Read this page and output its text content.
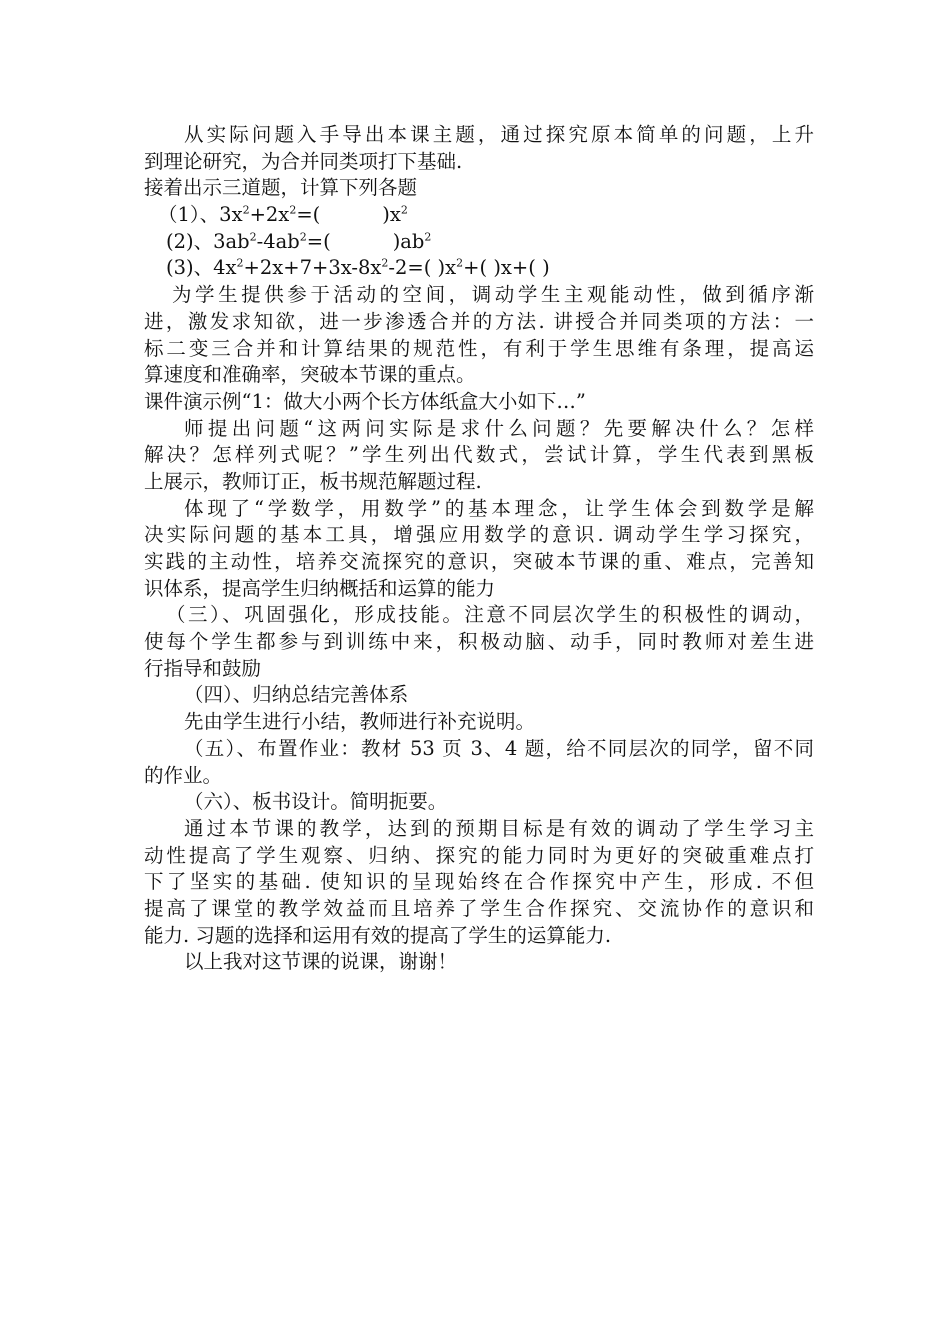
从实际问题入手导出本课主题，通过探究原本简单的问题，上升
到理论研究，为合并同类项打下基础.
接着出示三道题，计算下列各题
（1）、$3x^2+2x^2=$(	)$x^2$
(2)、$3ab^2-4ab^2=$(	)$ab^2$
(3)、$4x^2+2x+7+3x-8x^2-2=$( )$x^2+$( )x+( )
为学生提供参于活动的空间，调动学生主观能动性，做到循序渐
进，激发求知欲，进一步渗透合并的方法. 讲授合并同类项的方法：一
标二变三合并和计算结果的规范性，有利于学生思维有条理，提高运
算速度和准确率，突破本节课的重点。
课件演示例“1：做大小两个长方体纸盒大小如下…”
师提出问题“这两问实际是求什么问题？先要解决什么？怎样
解决？怎样列式呢？”学生列出代数式，尝试计算，学生代表到黑板
上展示，教师订正，板书规范解题过程.
体现了“学数学，用数学”的基本理念，让学生体会到数学是解
决实际问题的基本工具，增强应用数学的意识. 调动学生学习探究，
实践的主动性，培养交流探究的意识，突破本节课的重、难点，完善知
识体系，提高学生归纳概括和运算的能力
（三）、巩固强化，形成技能。注意不同层次学生的积极性的调动，
使每个学生都参与到训练中来，积极动脑、动手，同时教师对差生进
行指导和鼓励
（四）、归纳总结完善体系
先由学生进行小结，教师进行补充说明。
（五）、布置作业：教材 53 页 3、4 题，给不同层次的同学，留不同
的作业。
（六）、板书设计。简明扼要。
通过本节课的教学，达到的预期目标是有效的调动了学生学习主
动性提高了学生观察、归纳、探究的能力同时为更好的突破重难点打
下了坚实的基础. 使知识的呈现始终在合作探究中产生，形成. 不但
提高了课堂的教学效益而且培养了学生合作探究、交流协作的意识和
能力. 习题的选择和运用有效的提高了学生的运算能力.
以上我对这节课的说课，谢谢！
